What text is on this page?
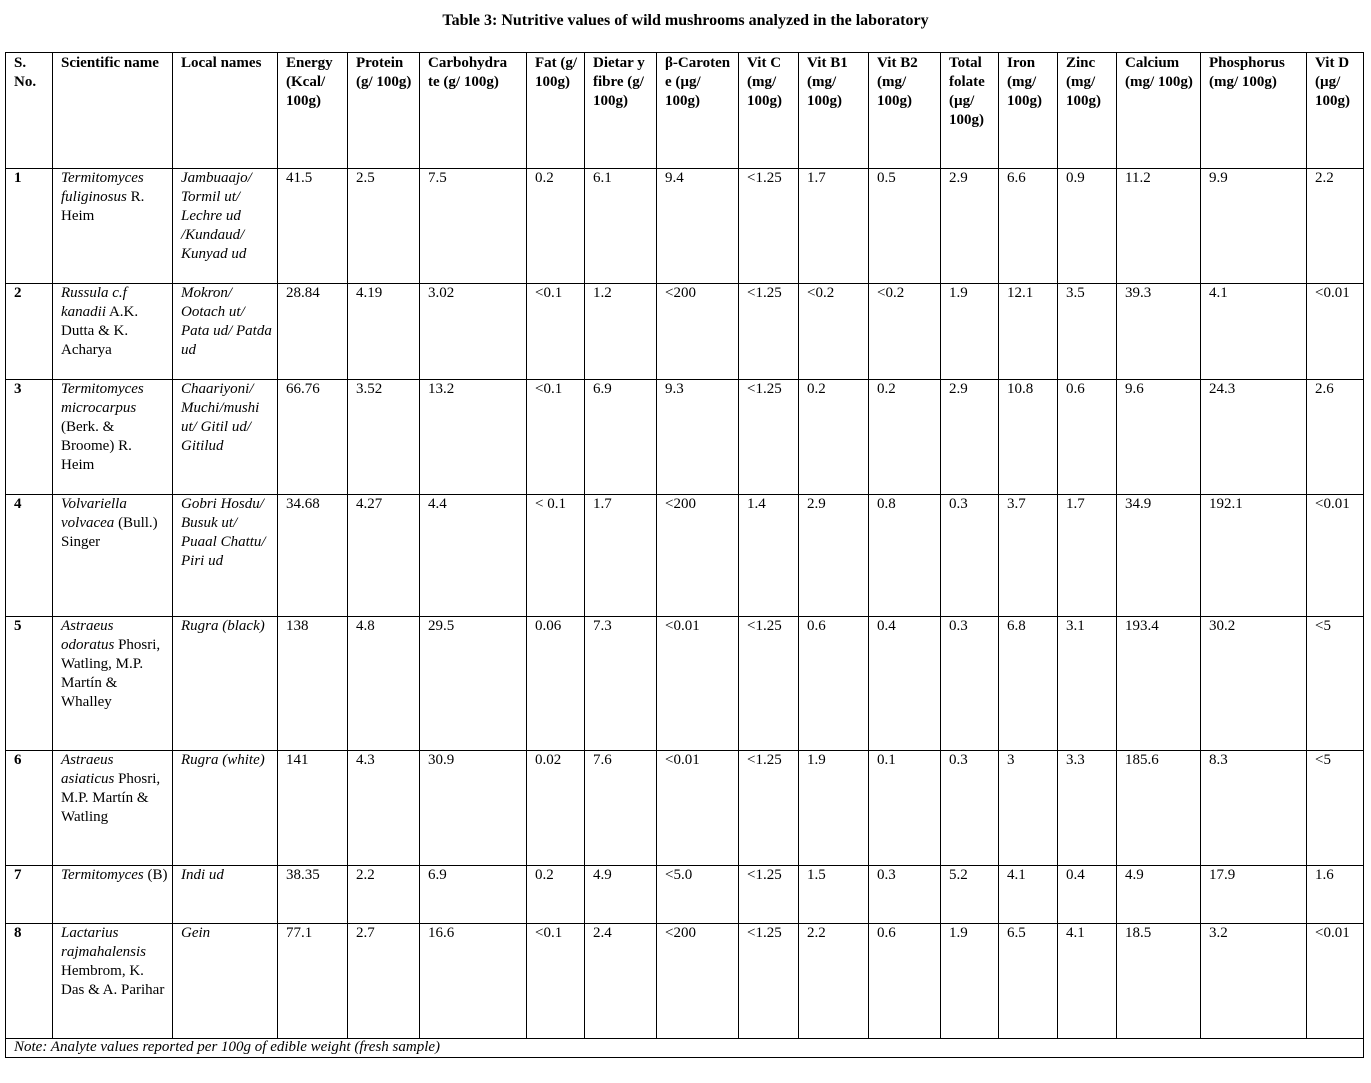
Table 3: Nutritive values of wild mushrooms analyzed in the laboratory
S. No.	Scientific name	Local names	Energy (Kcal/ 100g)	Protein (g/ 100g)	Carbohydra te (g/ 100g)	Fat (g/ 100g)	Dietar y fibre (g/ 100g)	β-Caroten e (µg/ 100g)	Vit C (mg/ 100g)	Vit B1 (mg/ 100g)	Vit B2 (mg/ 100g)	Total folate (µg/ 100g)	Iron (mg/ 100g)	Zinc (mg/ 100g)	Calcium (mg/ 100g)	Phosphorus (mg/ 100g)	Vit D (µg/ 100g)
1	Termitomyces fuliginosus R. Heim	Jambuaajo/ Tormil ut/ Lechre ud /Kundaud/ Kunyad ud	41.5	2.5	7.5	0.2	6.1	9.4	<1.25	1.7	0.5	2.9	6.6	0.9	11.2	9.9	2.2
2	Russula c.f kanadii A.K. Dutta & K. Acharya	Mokron/ Ootach ut/ Pata ud/ Patda ud	28.84	4.19	3.02	<0.1	1.2	<200	<1.25	<0.2	<0.2	1.9	12.1	3.5	39.3	4.1	<0.01
3	Termitomyces microcarpus (Berk. & Broome) R. Heim	Chaariyoni/ Muchi/mushi ut/ Gitil ud/ Gitilud	66.76	3.52	13.2	<0.1	6.9	9.3	<1.25	0.2	0.2	2.9	10.8	0.6	9.6	24.3	2.6
4	Volvariella volvacea (Bull.) Singer	Gobri Hosdu/ Busuk ut/ Puaal Chattu/ Piri ud	34.68	4.27	4.4	< 0.1	1.7	<200	1.4	2.9	0.8	0.3	3.7	1.7	34.9	192.1	<0.01
5	Astraeus odoratus Phosri, Watling, M.P. Martín & Whalley	Rugra (black)	138	4.8	29.5	0.06	7.3	<0.01	<1.25	0.6	0.4	0.3	6.8	3.1	193.4	30.2	<5
6	Astraeus asiaticus Phosri, M.P. Martín & Watling	Rugra (white)	141	4.3	30.9	0.02	7.6	<0.01	<1.25	1.9	0.1	0.3	3	3.3	185.6	8.3	<5
7	Termitomyces (B)	Indi ud	38.35	2.2	6.9	0.2	4.9	<5.0	<1.25	1.5	0.3	5.2	4.1	0.4	4.9	17.9	1.6
8	Lactarius rajmahalensis Hembrom, K. Das & A. Parihar	Gein	77.1	2.7	16.6	<0.1	2.4	<200	<1.25	2.2	0.6	1.9	6.5	4.1	18.5	3.2	<0.01
Note: Analyte values reported per 100g of edible weight (fresh sample)																	
